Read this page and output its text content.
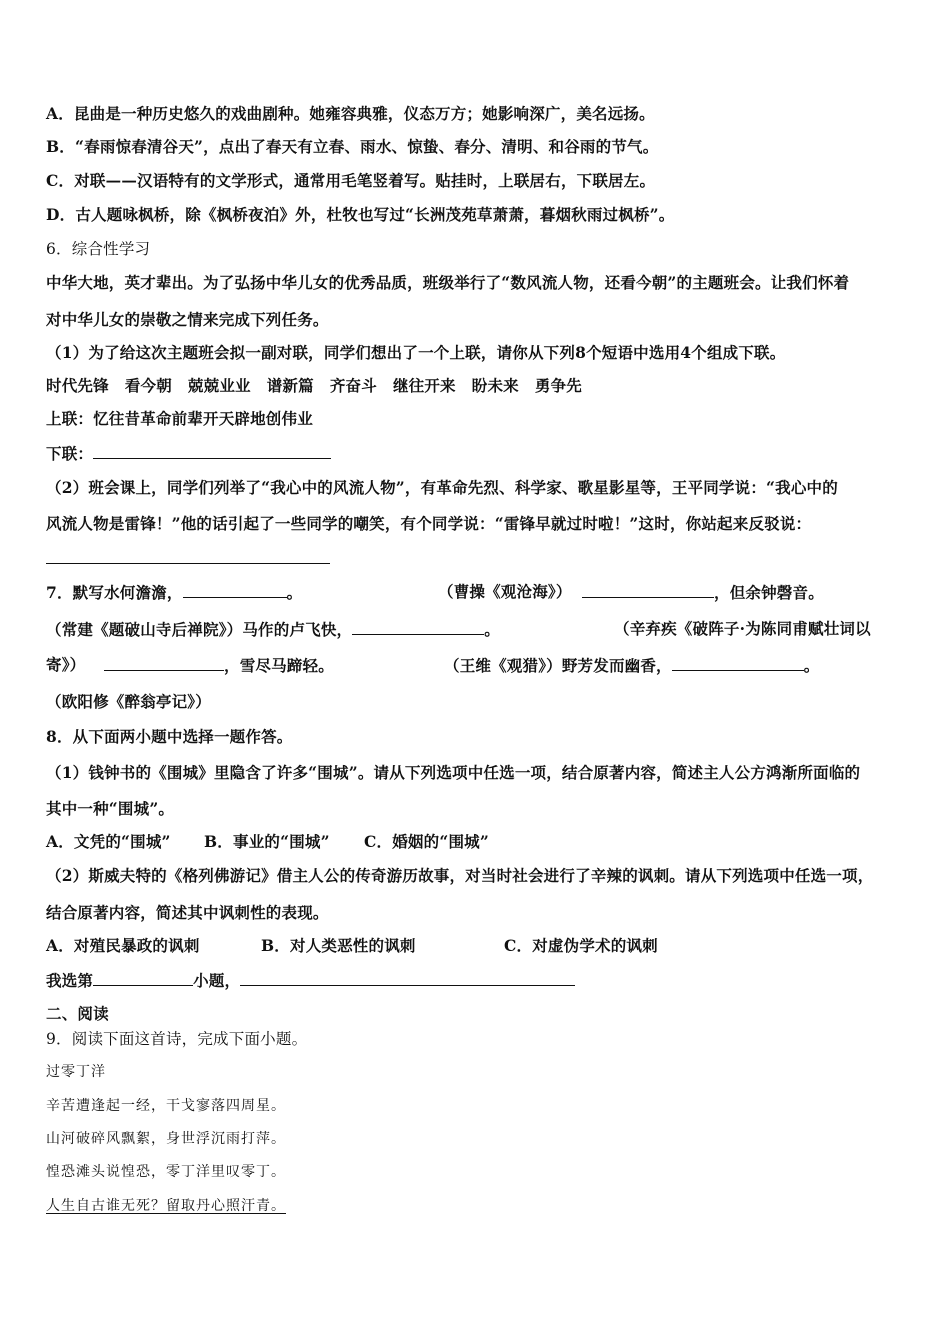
A．昆曲是一种历史悠久的戏曲剧种。她雍容典雅，仪态万方；她影响深广，美名远扬。
B．“春雨惊春清谷天”，点出了春天有立春、雨水、惊蛰、春分、清明、和谷雨的节气。
C．对联——汉语特有的文学形式，通常用毛笔竖着写。贴挂时，上联居右，下联居左。
D．古人题咏枫桥，除《枫桥夜泊》外，杜牧也写过“长洲茂苑草萧萧，暮烟秋雨过枫桥”。
6．综合性学习
中华大地，英才辈出。为了弘扬中华儿女的优秀品质，班级举行了“数风流人物，还看今朝”的主题班会。让我们怀着
对中华儿女的崇敬之情来完成下列任务。
（1）为了给这次主题班会拟一副对联，同学们想出了一个上联，请你从下列8个短语中选用4个组成下联。
时代先锋 看今朝 兢兢业业 谱新篇 齐奋斗 继往开来 盼未来 勇争先
上联：忆往昔革命前辈开天辟地创伟业
下联：
（2）班会课上，同学们列举了“我心中的风流人物”，有革命先烈、科学家、歌星影星等，王平同学说：“我心中的
风流人物是雷锋！”他的话引起了一些同学的嘲笑，有个同学说：“雷锋早就过时啦！”这时，你站起来反驳说：
7．默写水何澹澹，	。	（曹操《观沧海》）	，但余钟磬音。
（常建《题破山寺后禅院》）马作的卢飞快，	。	（辛弃疾《破阵子·为陈同甫赋壮词以
寄》）	，雪尽马蹄轻。	（王维《观猎》）野芳发而幽香，	。
（欧阳修《醉翁亭记》）
8．从下面两小题中选择一题作答。
（1）钱钟书的《围城》里隐含了许多“围城”。请从下列选项中任选一项，结合原著内容，简述主人公方鸿渐所面临的
其中一种“围城”。
A．文凭的“围城” B．事业的“围城” C．婚姻的“围城”
（2）斯威夫特的《格列佛游记》借主人公的传奇游历故事，对当时社会进行了辛辣的讽刺。请从下列选项中任选一项，
结合原著内容，简述其中讽刺性的表现。
A．对殖民暴政的讽刺	B．对人类恶性的讽刺	C．对虚伪学术的讽刺
我选第	小题，
二、阅读
9．阅读下面这首诗，完成下面小题。
过零丁洋
辛苦遭逢起一经，干戈寥落四周星。
山河破碎风飘絮，身世浮沉雨打萍。
惶恐滩头说惶恐，零丁洋里叹零丁。
人生自古谁无死？留取丹心照汗青。
